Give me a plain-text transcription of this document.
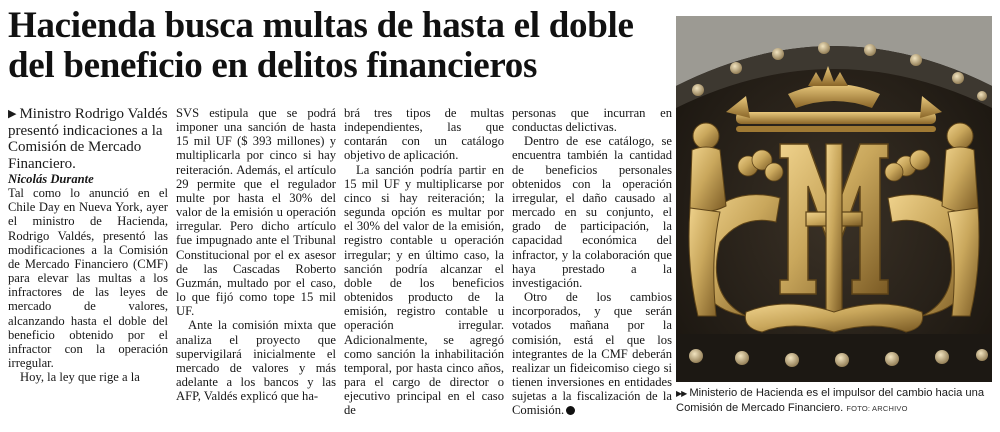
Hacienda busca multas de hasta el doble
del beneficio en delitos financieros

▶ Ministro Rodrigo Valdés presentó indicaciones a la Comisión de Mercado Financiero.

Nicolás Durante

Tal como lo anunció en el Chile Day en Nueva York, ayer el ministro de Hacienda, Rodrigo Valdés, presentó las modificaciones a la Comisión de Mercado Financiero (CMF) para elevar las multas a los infractores de las leyes de mercado de valores, alcanzando hasta el doble del beneficio obtenido por el infractor con la operación irregular.

Hoy, la ley que rige a la

SVS estipula que se podrá imponer una sanción de hasta 15 mil UF ($ 393 millones) y multiplicarla por cinco si hay reiteración. Además, el artículo 29 permite que el regulador multe por hasta el 30% del valor de la emisión u operación irregular. Pero dicho artículo fue impugnado ante el Tribunal Constitucional por el ex asesor de las Cascadas Roberto Guzmán, multado por el caso, lo que fijó como tope 15 mil UF.

Ante la comisión mixta que analiza el proyecto que supervigilará inicialmente el mercado de valores y más adelante a los bancos y las AFP, Valdés explicó que ha-

brá tres tipos de multas independientes, las que contarán con un catálogo objetivo de aplicación.

La sanción podría partir en 15 mil UF y multiplicarse por cinco si hay reiteración; la segunda opción es multar por el 30% del valor de la emisión, registro contable u operación irregular; y en último caso, la sanción podría alcanzar el doble de los beneficios obtenidos producto de la emisión, registro contable u operación irregular. Adicionalmente, se agregó como sanción la inhabilitación temporal, por hasta cinco años, para el cargo de director o ejecutivo principal en el caso de

personas que incurran en conductas delictivas.

Dentro de ese catálogo, se encuentra también la cantidad de beneficios personales obtenidos con la operación irregular, el daño causado al mercado en su conjunto, el grado de participación, la capacidad económica del infractor, y la colaboración que haya prestado a la investigación.

Otro de los cambios incorporados, y que serán votados mañana por la comisión, está el que los integrantes de la CMF deberán realizar un fideicomiso ciego si tienen inversiones en entidades sujetas a la fiscalización de la Comisión.

▶▶ Ministerio de Hacienda es el impulsor del cambio hacia una Comisión de Mercado Financiero. FOTO: ARCHIVO
